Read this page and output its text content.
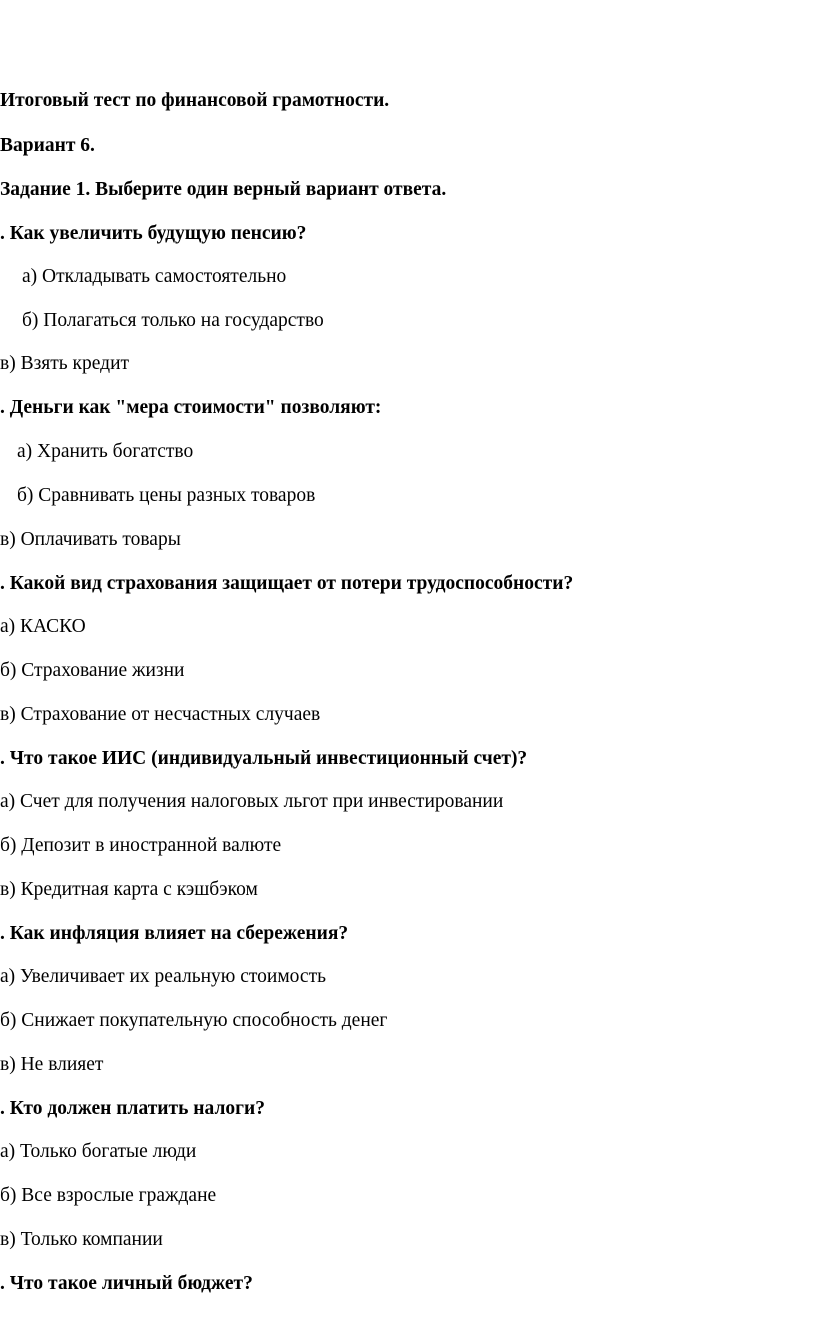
Итоговый тест по финансовой грамотности.
Вариант 6.
Задание 1. Выберите один верный вариант ответа.
. Как увеличить будущую пенсию?
а) Откладывать самостоятельно
б) Полагаться только на государство
в) Взять кредит
. Деньги как "мера стоимости" позволяют:
а) Хранить богатство
б) Сравнивать цены разных товаров
в) Оплачивать товары
. Какой вид страхования защищает от потери трудоспособности?
а) КАСКО
б) Страхование жизни
в) Страхование от несчастных случаев
. Что такое ИИС (индивидуальный инвестиционный счет)?
а) Счет для получения налоговых льгот при инвестировании
б) Депозит в иностранной валюте
в) Кредитная карта с кэшбэком
. Как инфляция влияет на сбережения?
а) Увеличивает их реальную стоимость
б) Снижает покупательную способность денег
в) Не влияет
. Кто должен платить налоги?
а) Только богатые люди
б) Все взрослые граждане
в) Только компании
. Что такое личный бюджет?
